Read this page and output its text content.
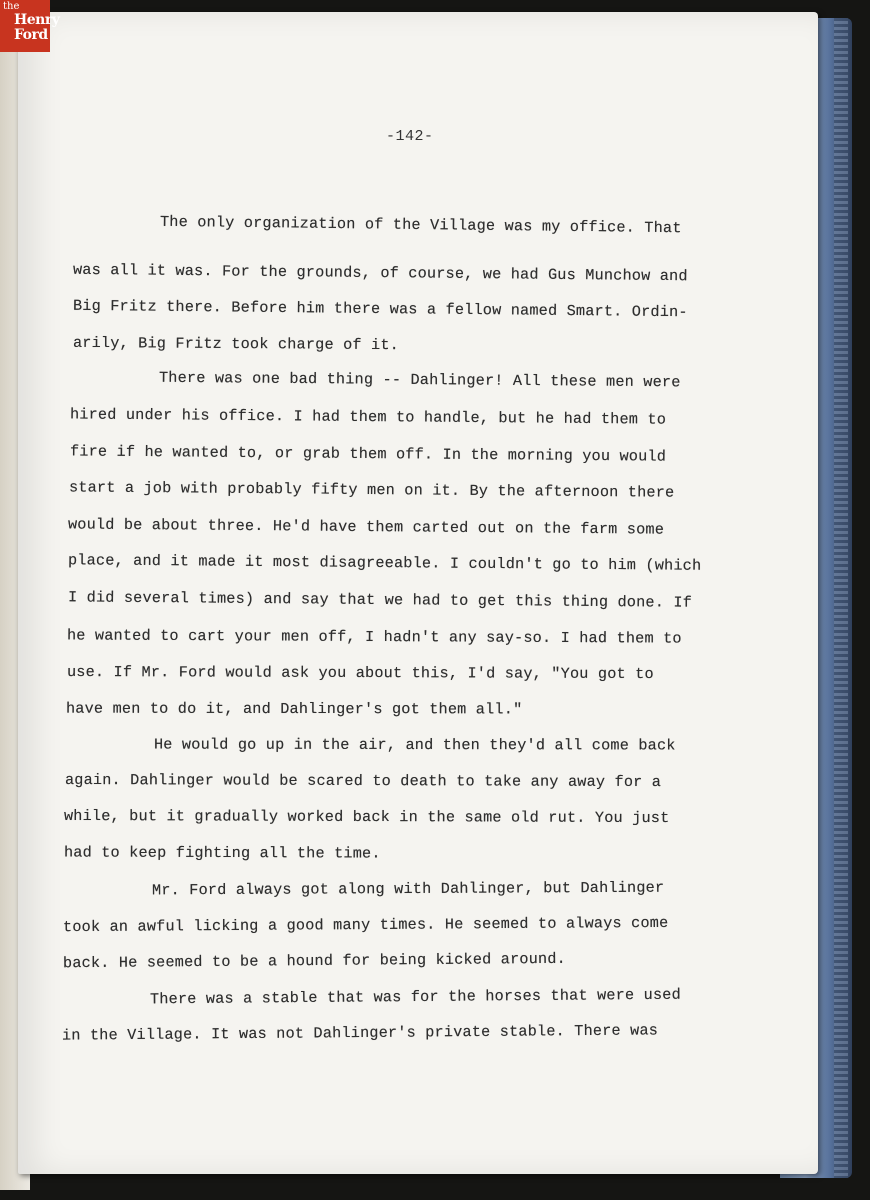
-142-
The only organization of the Village was my office. That
was all it was. For the grounds, of course, we had Gus Munchow and
Big Fritz there. Before him there was a fellow named Smart. Ordin-
arily, Big Fritz took charge of it.
There was one bad thing -- Dahlinger! All these men were
hired under his office. I had them to handle, but he had them to
fire if he wanted to, or grab them off. In the morning you would
start a job with probably fifty men on it. By the afternoon there
would be about three. He'd have them carted out on the farm some
place, and it made it most disagreeable. I couldn't go to him (which
I did several times) and say that we had to get this thing done. If
he wanted to cart your men off, I hadn't any say-so. I had them to
use. If Mr. Ford would ask you about this, I'd say, "You got to
have men to do it, and Dahlinger's got them all."
He would go up in the air, and then they'd all come back
again. Dahlinger would be scared to death to take any away for a
while, but it gradually worked back in the same old rut. You just
had to keep fighting all the time.
Mr. Ford always got along with Dahlinger, but Dahlinger
took an awful licking a good many times. He seemed to always come
back. He seemed to be a hound for being kicked around.
There was a stable that was for the horses that were used
in the Village. It was not Dahlinger's private stable. There was
the
Henry
Ford
